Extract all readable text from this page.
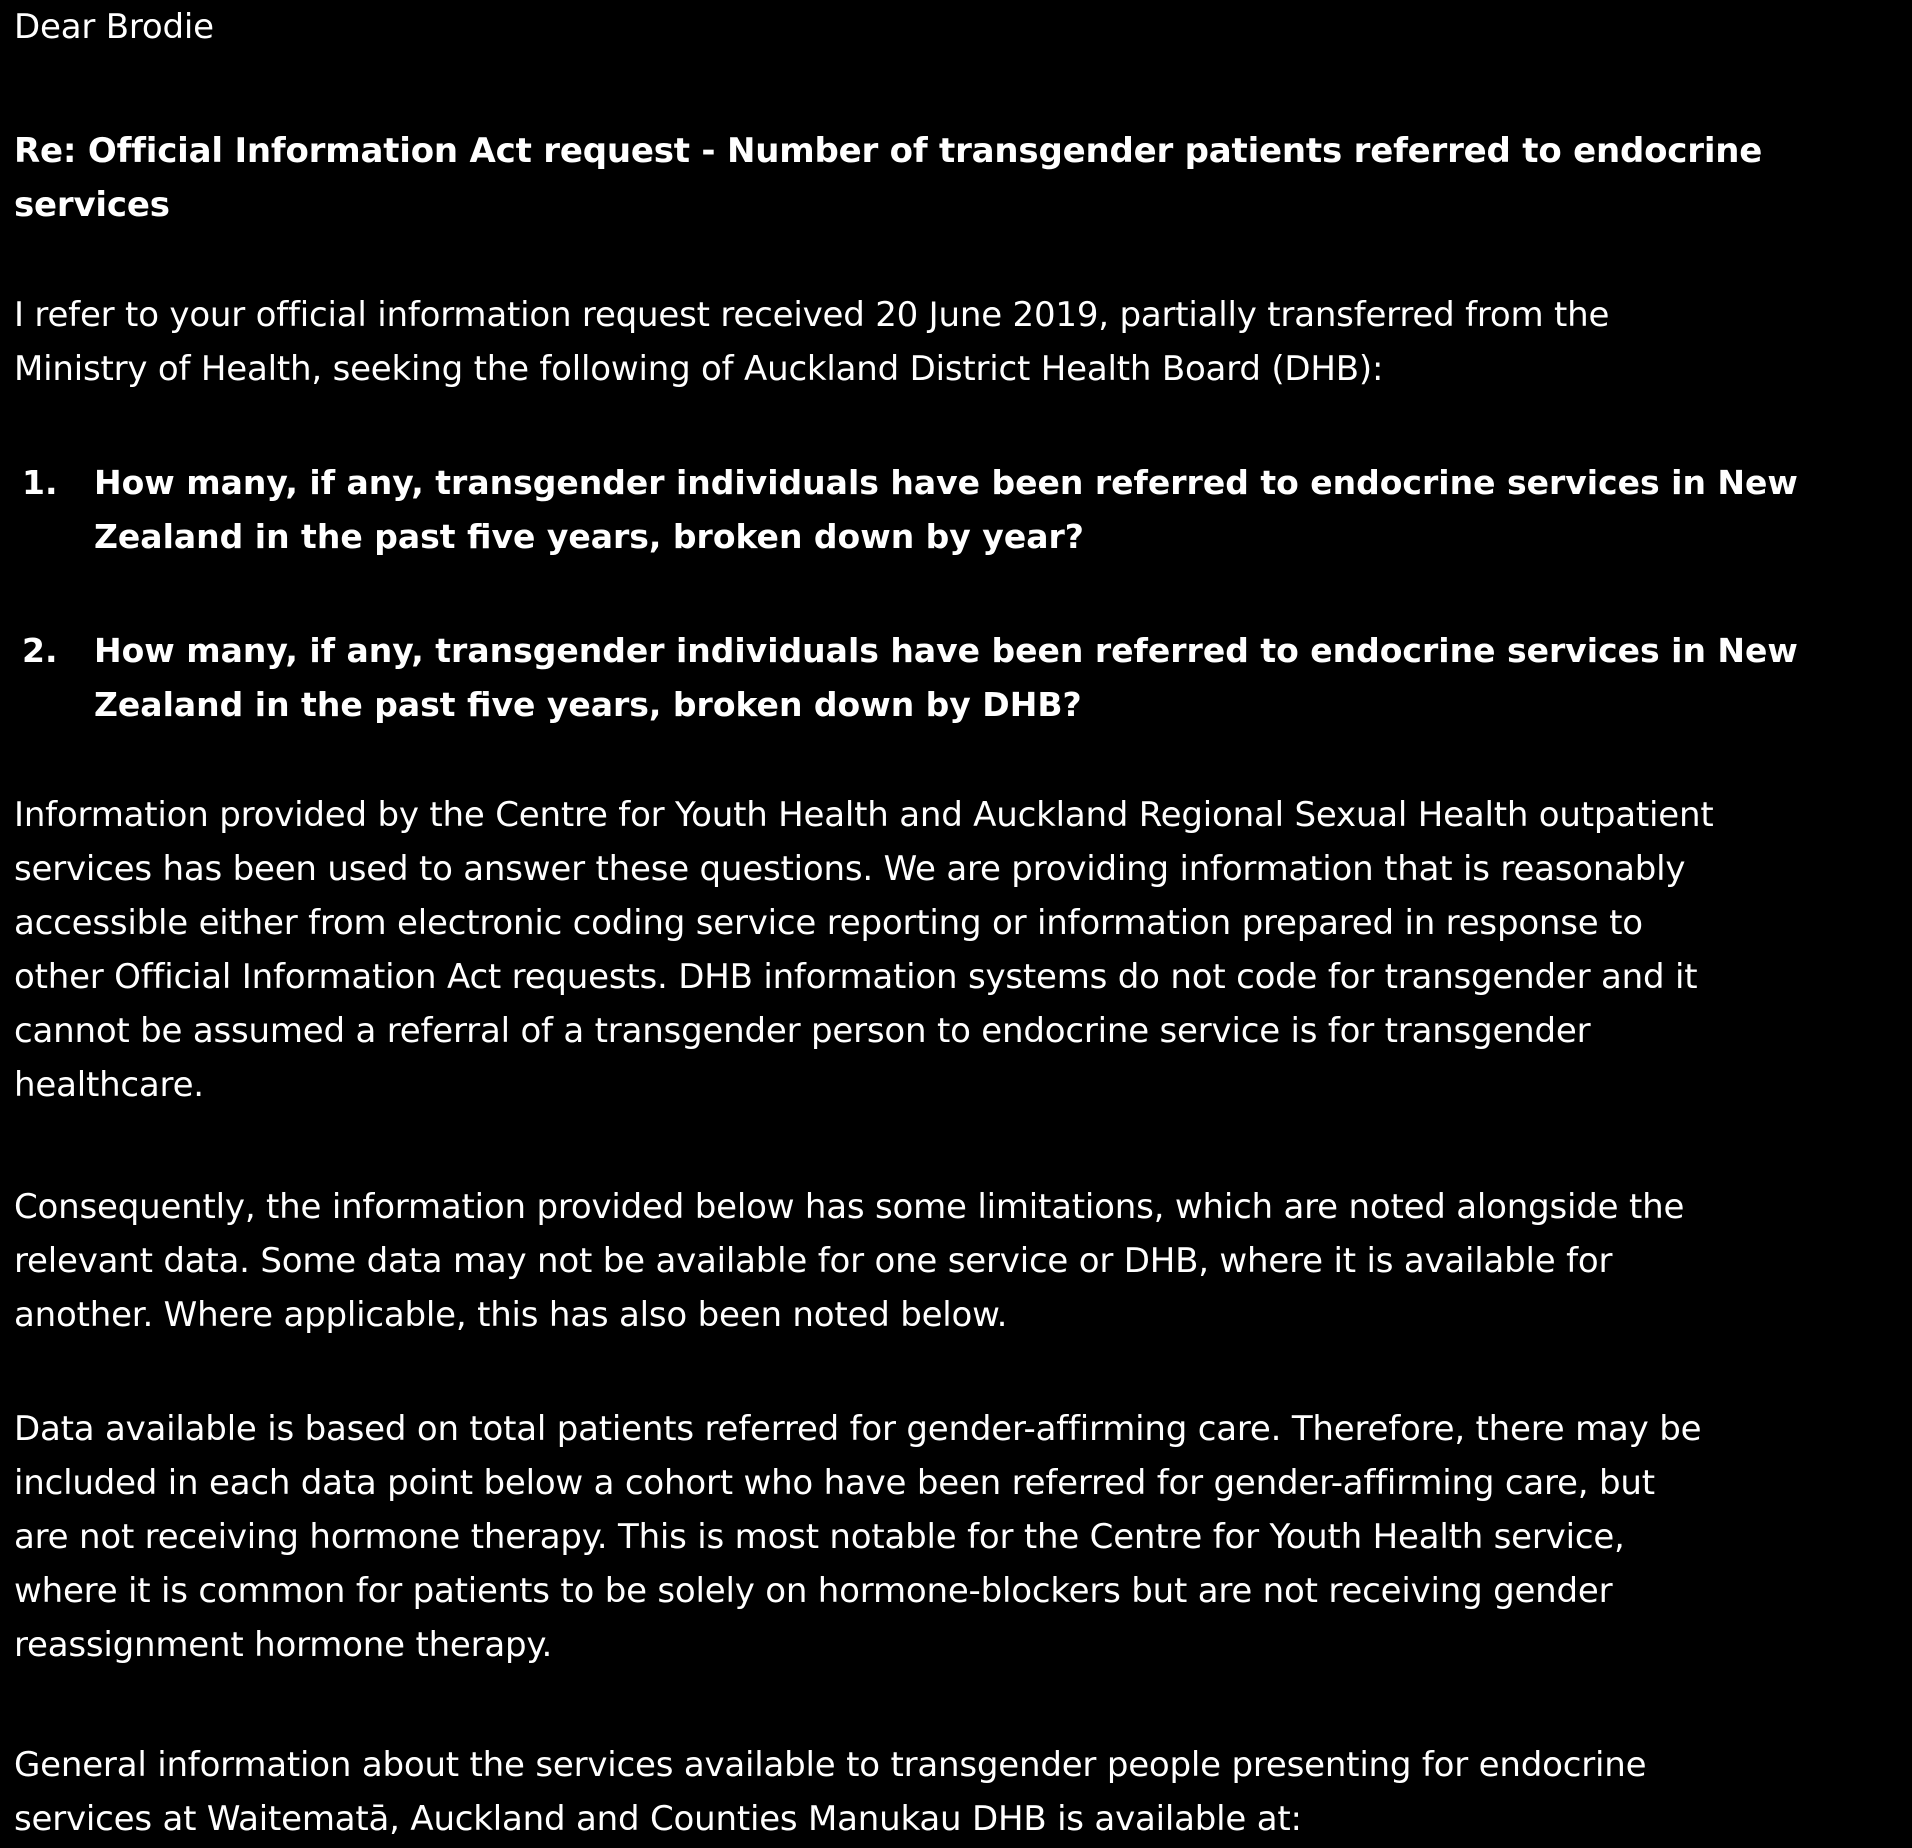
Dear Brodie

Re: Official Information Act request - Number of transgender patients referred to endocrine
services

I refer to your official information request received 20 June 2019, partially transferred from the
Ministry of Health, seeking the following of Auckland District Health Board (DHB):

1. How many, if any, transgender individuals have been referred to endocrine services in New
Zealand in the past five years, broken down by year?
2. How many, if any, transgender individuals have been referred to endocrine services in New
Zealand in the past five years, broken down by DHB?

Information provided by the Centre for Youth Health and Auckland Regional Sexual Health outpatient
services has been used to answer these questions. We are providing information that is reasonably
accessible either from electronic coding service reporting or information prepared in response to
other Official Information Act requests. DHB information systems do not code for transgender and it
cannot be assumed a referral of a transgender person to endocrine service is for transgender
healthcare.

Consequently, the information provided below has some limitations, which are noted alongside the
relevant data. Some data may not be available for one service or DHB, where it is available for
another. Where applicable, this has also been noted below.

Data available is based on total patients referred for gender-affirming care. Therefore, there may be
included in each data point below a cohort who have been referred for gender-affirming care, but
are not receiving hormone therapy. This is most notable for the Centre for Youth Health service,
where it is common for patients to be solely on hormone-blockers but are not receiving gender
reassignment hormone therapy.

General information about the services available to transgender people presenting for endocrine
services at Waitematā, Auckland and Counties Manukau DHB is available at:
